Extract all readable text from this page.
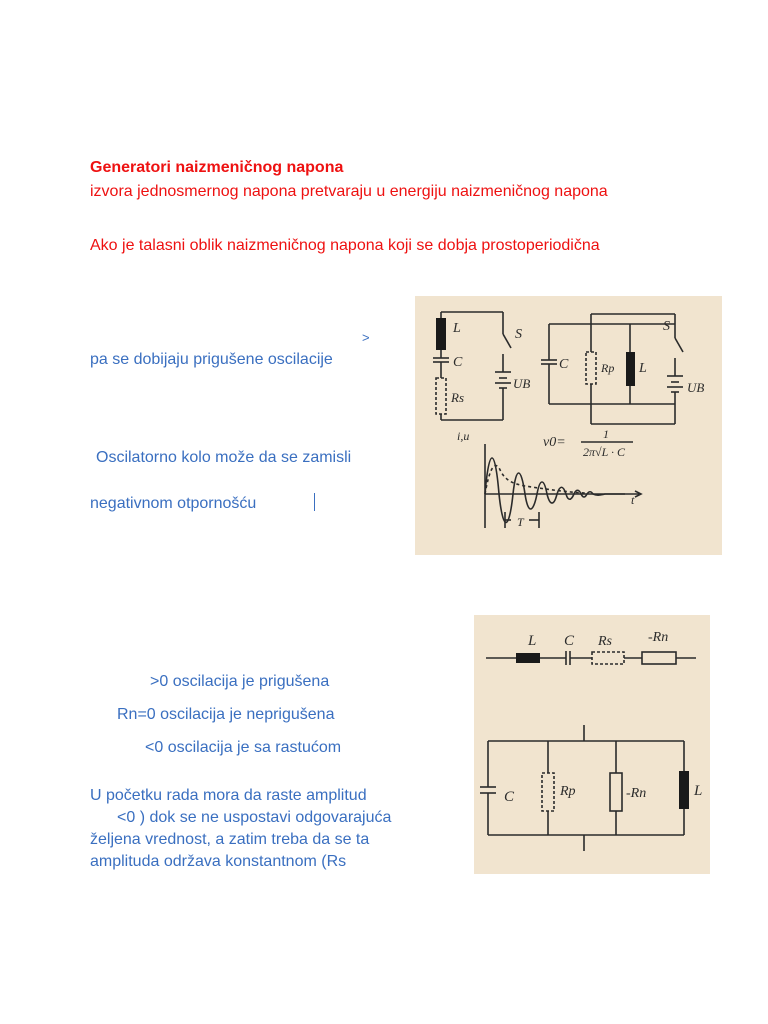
Generatori naizmeničnog napona
izvora jednosmernog napona pretvaraju u energiju naizmeničnog napona
Ako je talasni oblik naizmeničnog napona koji se dobja prostoperiodična
>
pa se dobijaju prigušene oscilacije
Oscilatorno kolo može da se zamisli
negativnom otpornošću
>0 oscilacija je prigušena
Rn=0 oscilacija je neprigušena
<0 oscilacija je sa rastućom
U početku rada mora da raste amplitud
<0 ) dok se ne uspostavi odgovarajuća
željena vrednost, a zatim treba da se ta
amplituda održava konstantnom (Rs
L
C
Rs
S
UB
C	Rp L
S
UB
i,u
t
T
v0=
1
2π√L · C
L C Rs	-Rn
C	Rp	-Rn	L
